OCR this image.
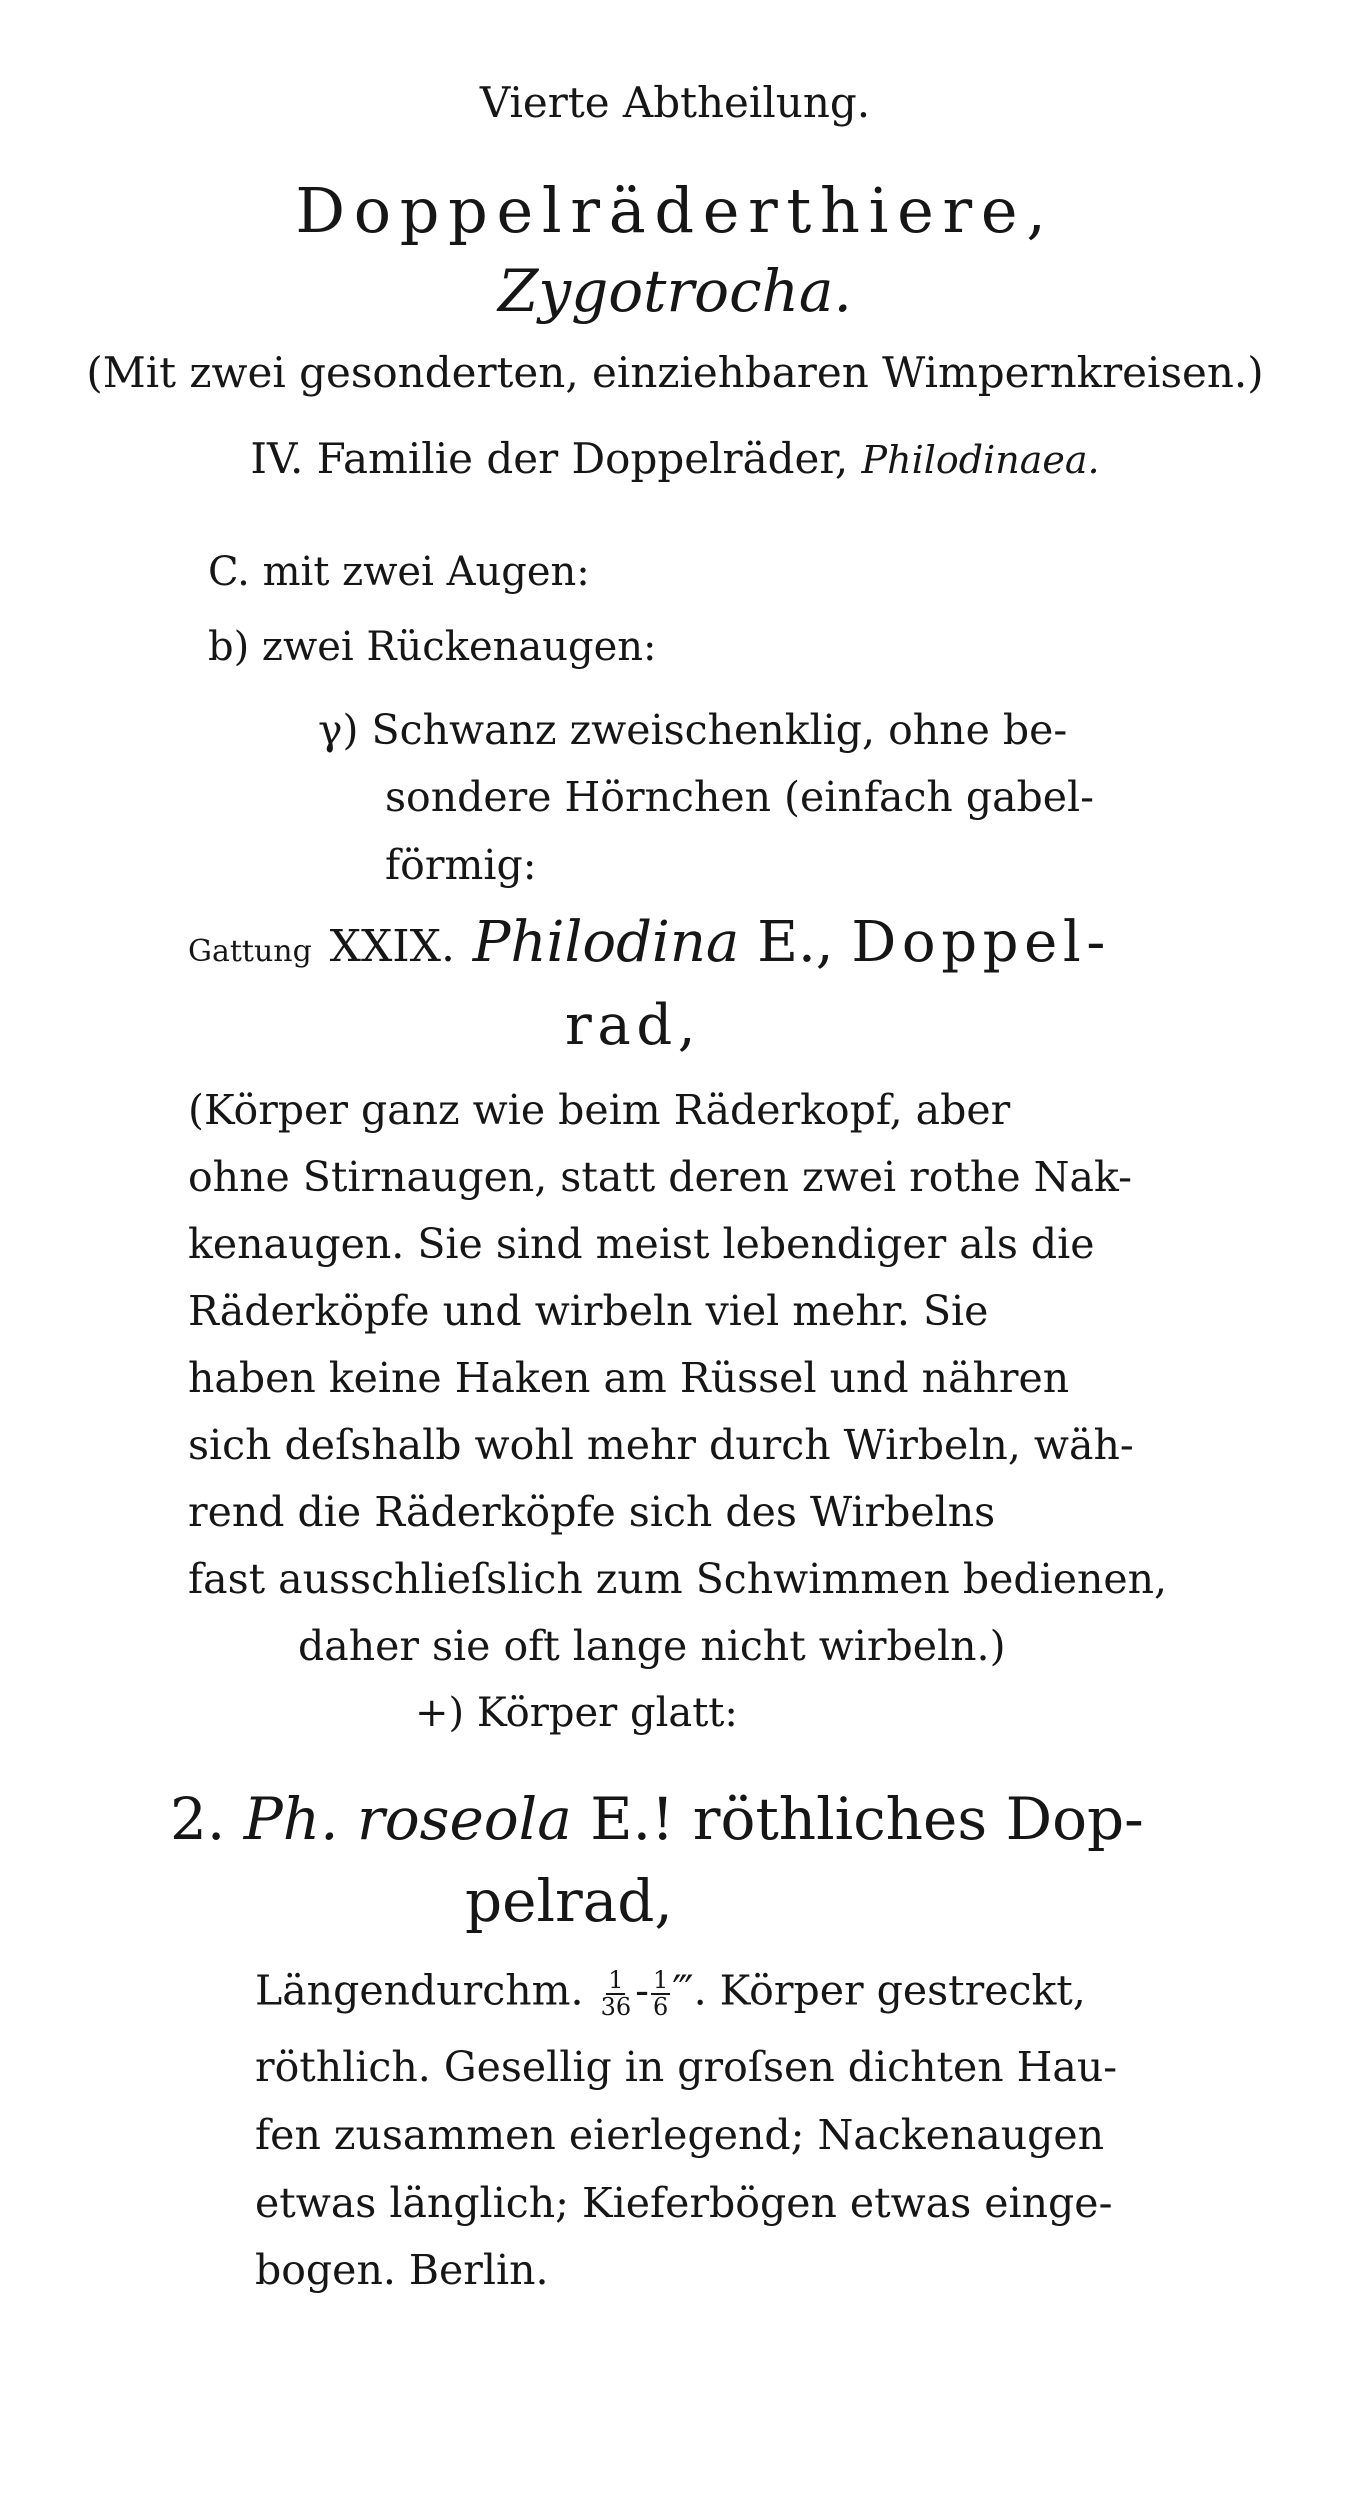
Vierte Abtheilung.
Doppelräderthiere,
Zygotrocha.
(Mit zwei gesonderten, einziehbaren Wimpernkreisen.)
IV. Familie der Doppelräder, Philodinaea.
C. mit zwei Augen:
b) zwei Rückenaugen:
γ) Schwanz zweischenklig, ohne be-
sondere Hörnchen (einfach gabel-
förmig:
Gattung XXIX. Philodina E., Doppel-
rad,
(Körper ganz wie beim Räderkopf, aber
ohne Stirnaugen, statt deren zwei rothe Nak-
kenaugen. Sie sind meist lebendiger als die
Räderköpfe und wirbeln viel mehr. Sie
haben keine Haken am Rüssel und nähren
sich deſshalb wohl mehr durch Wirbeln, wäh-
rend die Räderköpfe sich des Wirbelns
fast ausschlieſslich zum Schwimmen bedienen,
daher sie oft lange nicht wirbeln.)
+) Körper glatt:
2. Ph. roseola E.! röthliches Dop-
pelrad,
Längendurchm. $\frac{1}{36} - \frac{1}{6}$ ‴. Körper gestreckt,
röthlich. Gesellig in groſsen dichten Hau-
fen zusammen eierlegend; Nackenaugen
etwas länglich; Kieferbögen etwas einge-
bogen. Berlin.
